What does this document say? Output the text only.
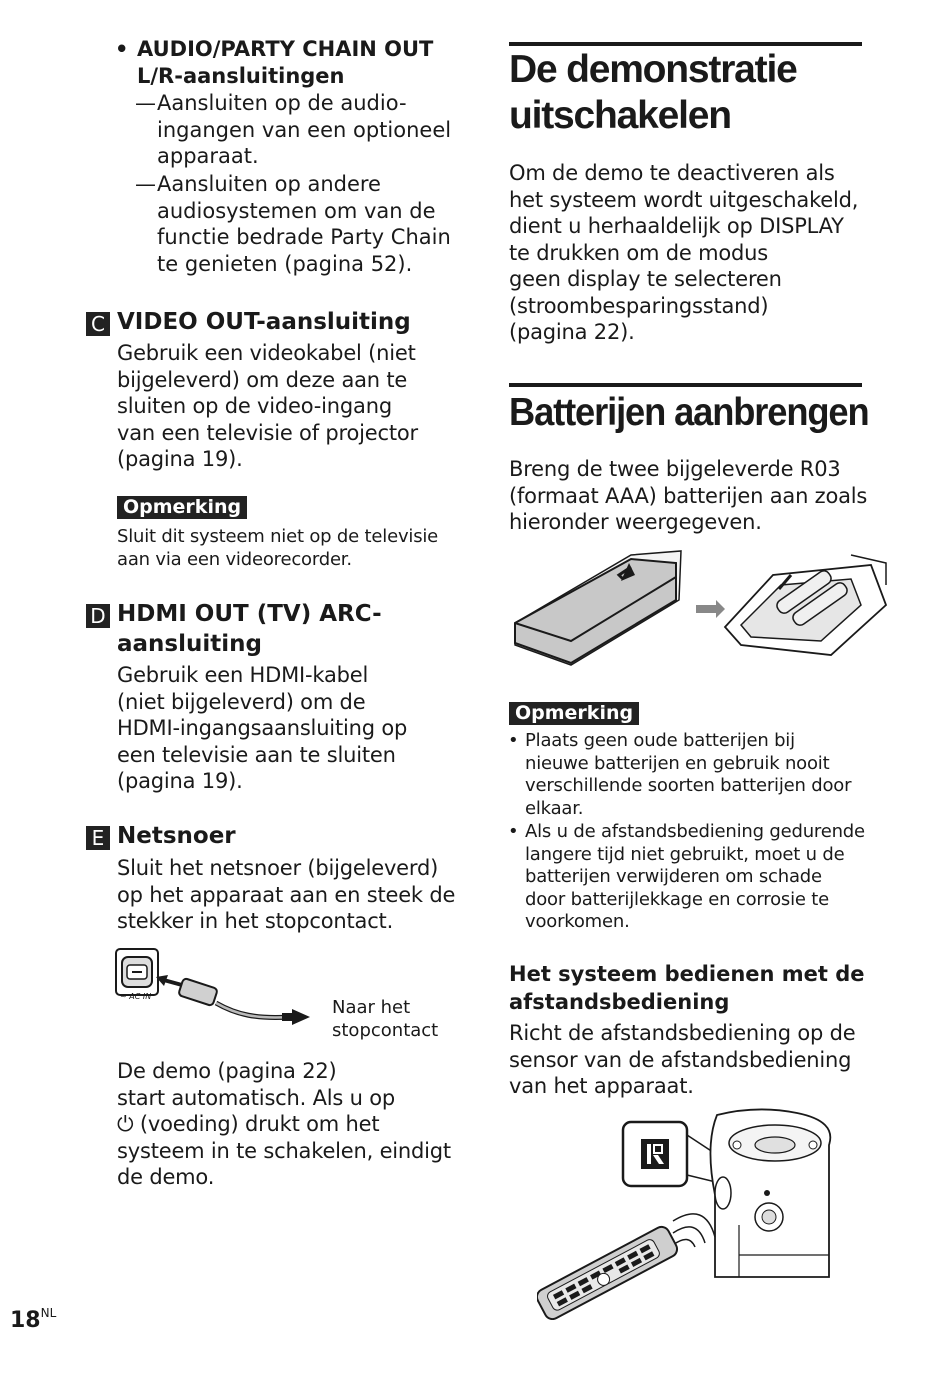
• AUDIO/PARTY CHAIN OUT
L/R-aansluitingen
— Aansluiten op de audio-
ingangen van een optioneel
apparaat.
— Aansluiten op andere
audiosystemen om van de
functie bedrade Party Chain
te genieten (pagina 52).
C VIDEO OUT-aansluiting
Gebruik een videokabel (niet
bijgeleverd) om deze aan te
sluiten op de video-ingang
van een televisie of projector
(pagina 19).
Opmerking
Sluit dit systeem niet op de televisie
aan via een videorecorder.
D HDMI OUT (TV) ARC-
aansluiting
Gebruik een HDMI-kabel
(niet bijgeleverd) om de
HDMI-ingangsaansluiting op
een televisie aan te sluiten
(pagina 19).
E Netsnoer
Sluit het netsnoer (bijgeleverd)
op het apparaat aan en steek de
stekker in het stopcontact.
~ AC IN
Naar het
stopcontact
De demo (pagina 22)
start automatisch. Als u op
⏻ (voeding) drukt om het
systeem in te schakelen, eindigt
de demo.
$18^{NL}$
De demonstratie
uitschakelen
Om de demo te deactiveren als
het systeem wordt uitgeschakeld,
dient u herhaaldelijk op DISPLAY
te drukken om de modus
geen display te selecteren
(stroombesparingsstand)
(pagina 22).
Batterijen aanbrengen
Breng de twee bijgeleverde R03
(formaat AAA) batterijen aan zoals
hieronder weergegeven.
Opmerking
• Plaats geen oude batterijen bij
nieuwe batterijen en gebruik nooit
verschillende soorten batterijen door
elkaar.
• Als u de afstandsbediening gedurende
langere tijd niet gebruikt, moet u de
batterijen verwijderen om schade
door batterijlekkage en corrosie te
voorkomen.
Het systeem bedienen met de
afstandsbediening
Richt de afstandsbediening op de
sensor van de afstandsbediening
van het apparaat.
